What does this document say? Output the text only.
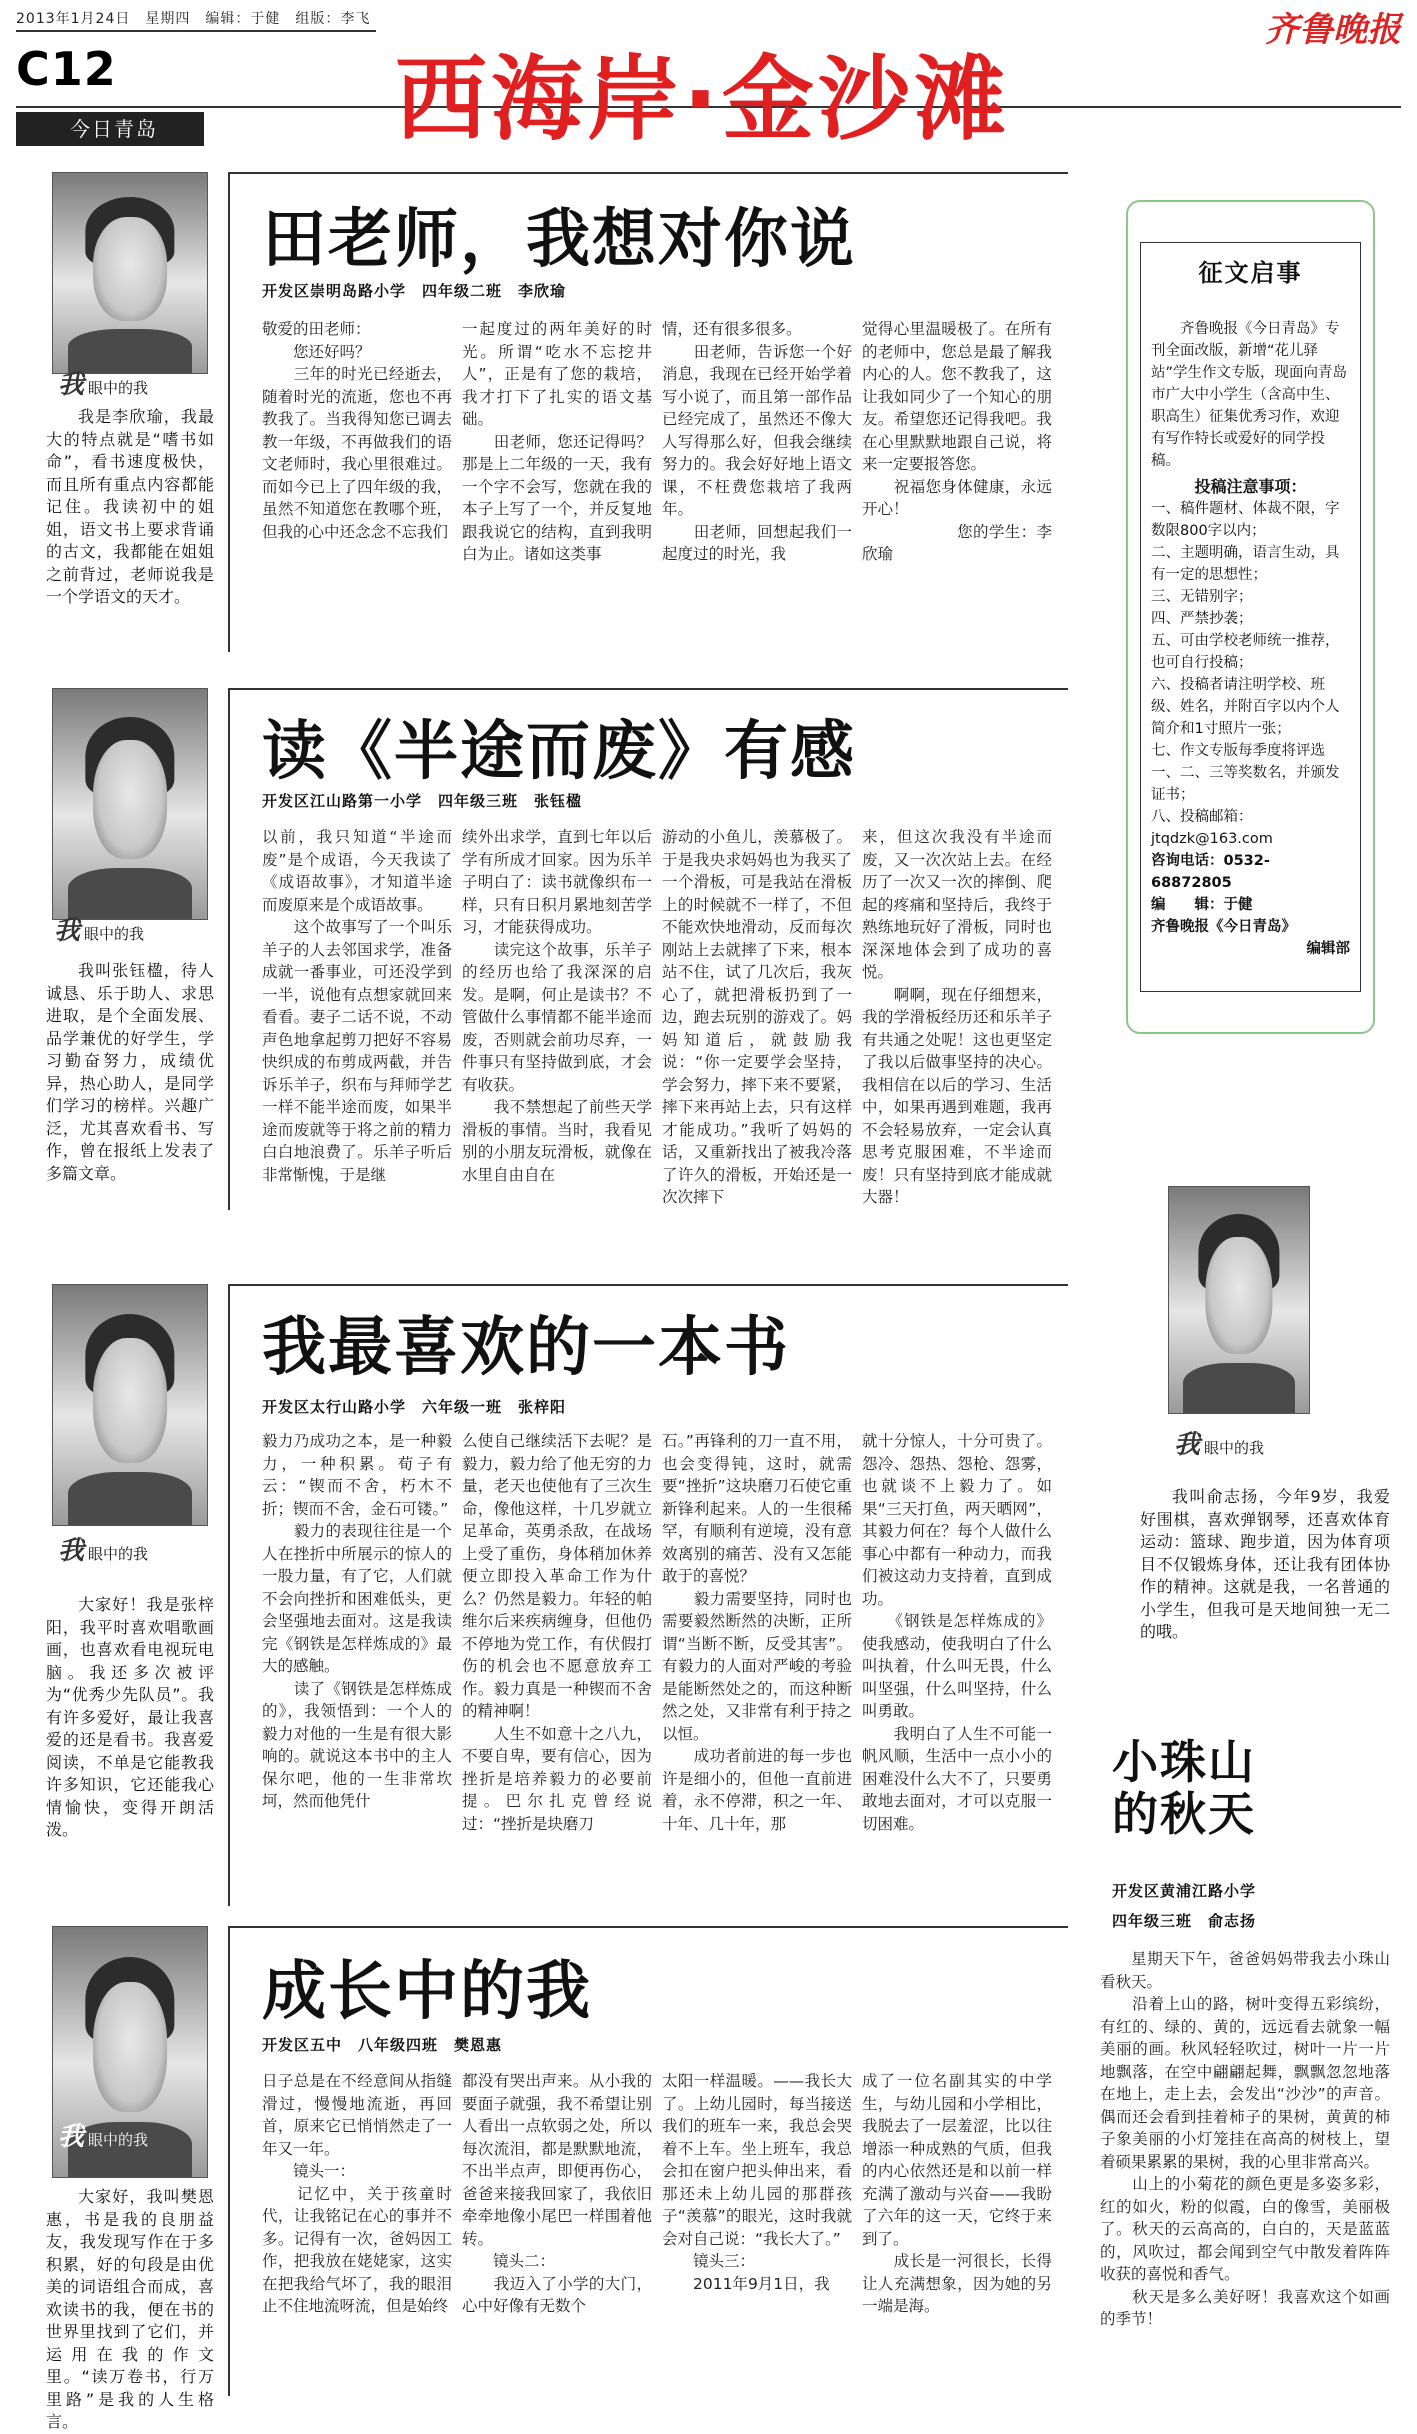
2013年1月24日　星期四　编辑：于健　组版：李飞	齐鲁晚报
C12	西海岸·金沙滩
今日青岛
我眼中的我

我是李欣瑜，我最大的特点就是“嗜书如命”，看书速度极快，而且所有重点内容都能记住。我读初中的姐姐，语文书上要求背诵的古文，我都能在姐姐之前背过，老师说我是一个学语文的天才。

田老师，我想对你说
开发区崇明岛路小学　四年级二班　李欣瑜
敬爱的田老师：
　　您还好吗？
　　三年的时光已经逝去，随着时光的流逝，您也不再教我了。当我得知您已调去教一年级，不再做我们的语文老师时，我心里很难过。而如今已上了四年级的我，虽然不知道您在教哪个班，但我的心中还念念不忘我们
一起度过的两年美好的时光。所谓“吃水不忘挖井人”，正是有了您的栽培，我才打下了扎实的语文基础。
　　田老师，您还记得吗？那是上二年级的一天，我有一个字不会写，您就在我的本子上写了一个，并反复地跟我说它的结构，直到我明白为止。诸如这类事
情，还有很多很多。
　　田老师，告诉您一个好消息，我现在已经开始学着写小说了，而且第一部作品已经完成了，虽然还不像大人写得那么好，但我会继续努力的。我会好好地上语文课，不枉费您栽培了我两年。
　　田老师，回想起我们一起度过的时光，我
觉得心里温暖极了。在所有的老师中，您总是最了解我内心的人。您不教我了，这让我如同少了一个知心的朋友。希望您还记得我吧。我在心里默默地跟自己说，将来一定要报答您。
　　祝福您身体健康，永远开心！
　　　　　　您的学生：李欣瑜
征文启事

齐鲁晚报《今日青岛》专刊全面改版，新增“花儿驿站”学生作文专版，现面向青岛市广大中小学生（含高中生、职高生）征集优秀习作，欢迎有写作特长或爱好的同学投稿。

投稿注意事项：

一、稿件题材、体裁不限，字数限800字以内；

二、主题明确，语言生动，具有一定的思想性；

三、无错别字；

四、严禁抄袭；

五、可由学校老师统一推荐，也可自行投稿；

六、投稿者请注明学校、班级、姓名，并附百字以内个人简介和1寸照片一张；

七、作文专版每季度将评选一、二、三等奖数名，并颁发证书；

八、投稿邮箱：jtqdzk@163.com

咨询电话：0532-68872805

编　　辑：于健

齐鲁晚报《今日青岛》

编辑部

我眼中的我

我叫张钰楹，待人诚恳、乐于助人、求思进取，是个全面发展、品学兼优的好学生，学习勤奋努力，成绩优异，热心助人，是同学们学习的榜样。兴趣广泛，尤其喜欢看书、写作，曾在报纸上发表了多篇文章。

读《半途而废》有感
开发区江山路第一小学　四年级三班　张钰楹
以前，我只知道“半途而废”是个成语，今天我读了《成语故事》，才知道半途而废原来是个成语故事。
　　这个故事写了一个叫乐羊子的人去邻国求学，准备成就一番事业，可还没学到一半，说他有点想家就回来看看。妻子二话不说，不动声色地拿起剪刀把好不容易快织成的布剪成两截，并告诉乐羊子，织布与拜师学艺一样不能半途而废，如果半途而废就等于将之前的精力白白地浪费了。乐羊子听后非常惭愧，于是继
续外出求学，直到七年以后学有所成才回家。因为乐羊子明白了：读书就像织布一样，只有日积月累地刻苦学习，才能获得成功。
　　读完这个故事，乐羊子的经历也给了我深深的启发。是啊，何止是读书？不管做什么事情都不能半途而废，否则就会前功尽弃，一件事只有坚持做到底，才会有收获。
　　我不禁想起了前些天学滑板的事情。当时，我看见别的小朋友玩滑板，就像在水里自由自在
游动的小鱼儿，羡慕极了。于是我央求妈妈也为我买了一个滑板，可是我站在滑板上的时候就不一样了，不但不能欢快地滑动，反而每次刚站上去就摔了下来，根本站不住，试了几次后，我灰心了，就把滑板扔到了一边，跑去玩别的游戏了。妈妈知道后，就鼓励我说：“你一定要学会坚持，学会努力，摔下来不要紧，摔下来再站上去，只有这样才能成功。”我听了妈妈的话，又重新找出了被我冷落了许久的滑板，开始还是一次次摔下
来，但这次我没有半途而废，又一次次站上去。在经历了一次又一次的摔倒、爬起的疼痛和坚持后，我终于熟练地玩好了滑板，同时也深深地体会到了成功的喜悦。
　　啊啊，现在仔细想来，我的学滑板经历还和乐羊子有共通之处呢！这也更坚定了我以后做事坚持的决心。我相信在以后的学习、生活中，如果再遇到难题，我再不会轻易放弃，一定会认真思考克服困难，不半途而废！只有坚持到底才能成就大器！
我眼中的我

大家好！我是张梓阳，我平时喜欢唱歌画画，也喜欢看电视玩电脑。我还多次被评为“优秀少先队员”。我有许多爱好，最让我喜爱的还是看书。我喜爱阅读，不单是它能教我许多知识，它还能我心情愉快，变得开朗活泼。

我最喜欢的一本书
开发区太行山路小学　六年级一班　张梓阳
毅力乃成功之本，是一种毅力，一种积累。荀子有云：“锲而不舍，朽木不折；锲而不舍，金石可镂。”
　　毅力的表现往往是一个人在挫折中所展示的惊人的一股力量，有了它，人们就不会向挫折和困难低头，更会坚强地去面对。这是我读完《钢铁是怎样炼成的》最大的感触。
　　读了《钢铁是怎样炼成的》，我领悟到：一个人的毅力对他的一生是有很大影响的。就说这本书中的主人保尔吧，他的一生非常坎坷，然而他凭什
么使自己继续活下去呢？是毅力，毅力给了他无穷的力量，老天也使他有了三次生命，像他这样，十几岁就立足革命，英勇杀敌，在战场上受了重伤，身体稍加休养便立即投入革命工作为什么？仍然是毅力。年轻的帕维尔后来疾病缠身，但他仍不停地为党工作，有伏假打伤的机会也不愿意放弃工作。毅力真是一种锲而不舍的精神啊！
　　人生不如意十之八九，不要自卑，要有信心，因为挫折是培养毅力的必要前提。巴尔扎克曾经说过：“挫折是块磨刀
石。”再锋利的刀一直不用，也会变得钝，这时，就需要“挫折”这块磨刀石使它重新锋利起来。人的一生很稀罕，有顺利有逆境，没有意效离别的痛苦、没有又怎能敢于的喜悦？
　　毅力需要坚持，同时也需要毅然断然的决断，正所谓“当断不断，反受其害”。有毅力的人面对严峻的考验是能断然处之的，而这种断然之处，又非常有利于持之以恒。
　　成功者前进的每一步也许是细小的，但他一直前进着，永不停滞，积之一年、十年、几十年，那
就十分惊人，十分可贵了。怨冷、怨热、怨枪、怨雾，也就谈不上毅力了。如果“三天打鱼，两天晒网”，其毅力何在？每个人做什么事心中都有一种动力，而我们被这动力支持着，直到成功。
　　《钢铁是怎样炼成的》使我感动，使我明白了什么叫执着，什么叫无畏，什么叫坚强，什么叫坚持，什么叫勇敢。
　　我明白了人生不可能一帆风顺，生活中一点小小的困难没什么大不了，只要勇敢地去面对，才可以克服一切困难。
我眼中的我

我叫俞志扬，今年9岁，我爱好围棋，喜欢弹钢琴，还喜欢体育运动：篮球、跑步道，因为体育项目不仅锻炼身体，还让我有团体协作的精神。这就是我，一名普通的小学生，但我可是天地间独一无二的哦。

小珠山
的秋天
开发区黄浦江路小学
四年级三班　俞志扬
星期天下午，爸爸妈妈带我去小珠山看秋天。
　　沿着上山的路，树叶变得五彩缤纷，有红的、绿的、黄的，远远看去就象一幅美丽的画。秋风轻轻吹过，树叶一片一片地飘落，在空中翩翩起舞，飘飘忽忽地落在地上，走上去，会发出“沙沙”的声音。偶而还会看到挂着柿子的果树，黄黄的柿子象美丽的小灯笼挂在高高的树枝上，望着硕果累累的果树，我的心里非常高兴。
　　山上的小菊花的颜色更是多姿多彩，红的如火，粉的似霞，白的像雪，美丽极了。秋天的云高高的，白白的，天是蓝蓝的，风吹过，都会闻到空气中散发着阵阵收获的喜悦和香气。
　　秋天是多么美好呀！我喜欢这个如画的季节！
我眼中的我

大家好，我叫樊恩惠，书是我的良朋益友，我发现写作在于多积累，好的句段是由优美的词语组合而成，喜欢读书的我，便在书的世界里找到了它们，并运用在我的作文里。“读万卷书，行万里路”是我的人生格言。

成长中的我
开发区五中　八年级四班　樊恩惠
日子总是在不经意间从指缝滑过，慢慢地流逝，再回首，原来它已悄悄然走了一年又一年。
　　镜头一：
　　记忆中，关于孩童时代，让我铭记在心的事并不多。记得有一次，爸妈因工作，把我放在姥姥家，这实在把我给气坏了，我的眼泪止不住地流呀流，但是始终
都没有哭出声来。从小我的要面子就强，我不希望让别人看出一点软弱之处，所以每次流泪，都是默默地流，不出半点声，即便再伤心，爸爸来接我回家了，我依旧牵牵地像小尾巴一样围着他转。
　　镜头二：
　　我迈入了小学的大门，心中好像有无数个
太阳一样温暖。——我长大了。上幼儿园时，每当接送我们的班车一来，我总会哭着不上车。坐上班车，我总会扣在窗户把头伸出来，看那还未上幼儿园的那群孩子“羡慕”的眼光，这时我就会对自己说：“我长大了。”
　　镜头三：
　　2011年9月1日，我
成了一位名副其实的中学生，与幼儿园和小学相比，我脱去了一层羞涩，比以往增添一种成熟的气质，但我的内心依然还是和以前一样充满了激动与兴奋——我盼了六年的这一天，它终于来到了。
　　成长是一河很长，长得让人充满想象，因为她的另一端是海。
